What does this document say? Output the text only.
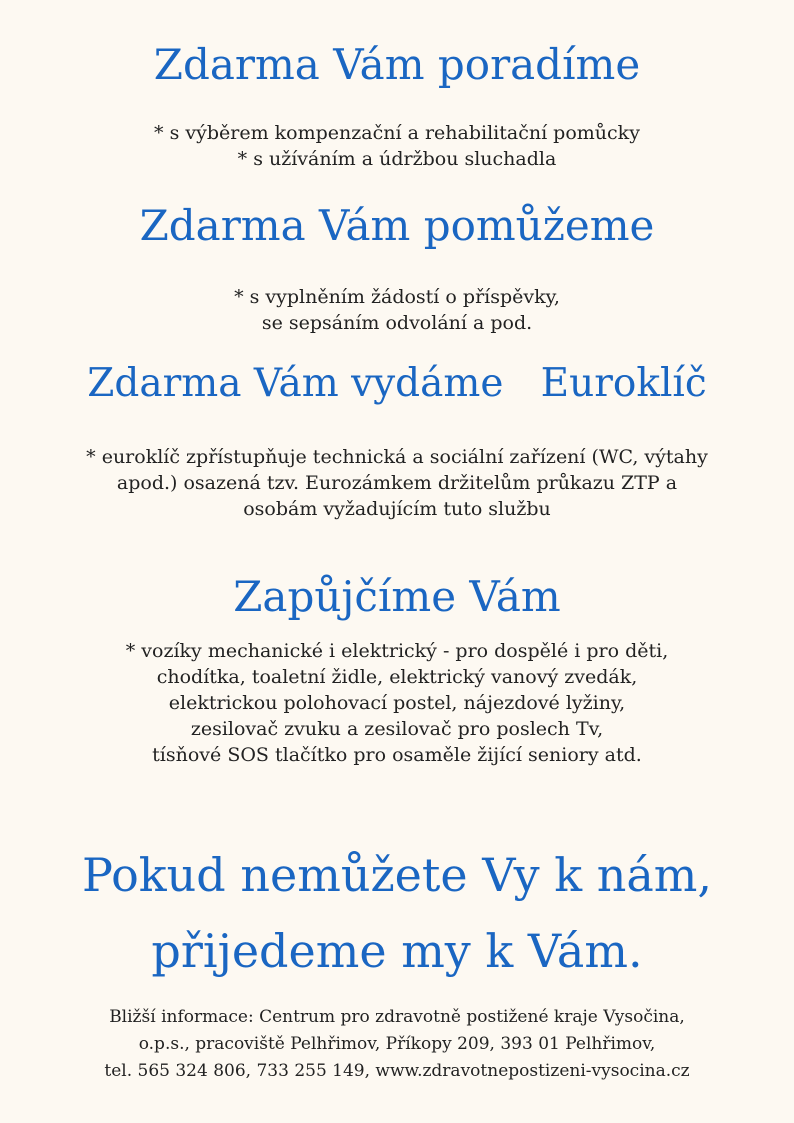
Zdarma Vám poradíme
* s výběrem kompenzační a rehabilitační pomůcky
* s užíváním a údržbou sluchadla
Zdarma Vám pomůžeme
* s vyplněním žádostí o příspěvky,
se sepsáním odvolání a pod.
Zdarma Vám vydáme   Euroklíč
* euroklíč zpřístupňuje technická a sociální zařízení (WC, výtahy
apod.) osazená tzv. Eurozámkem držitelům průkazu ZTP a
osobám vyžadujícím tuto službu
Zapůjčíme Vám
* vozíky mechanické i elektrický - pro dospělé i pro děti,
chodítka, toaletní židle, elektrický vanový zvedák,
elektrickou polohovací postel, nájezdové lyžiny,
zesilovač zvuku a zesilovač pro poslech Tv,
tísňové SOS tlačítko pro osaměle žijící seniory atd.
Pokud nemůžete Vy k nám,
přijedeme my k Vám.
Bližší informace: Centrum pro zdravotně postižené kraje Vysočina,
o.p.s., pracoviště Pelhřimov, Příkopy 209, 393 01 Pelhřimov,
tel. 565 324 806, 733 255 149, www.zdravotnepostizeni-vysocina.cz
